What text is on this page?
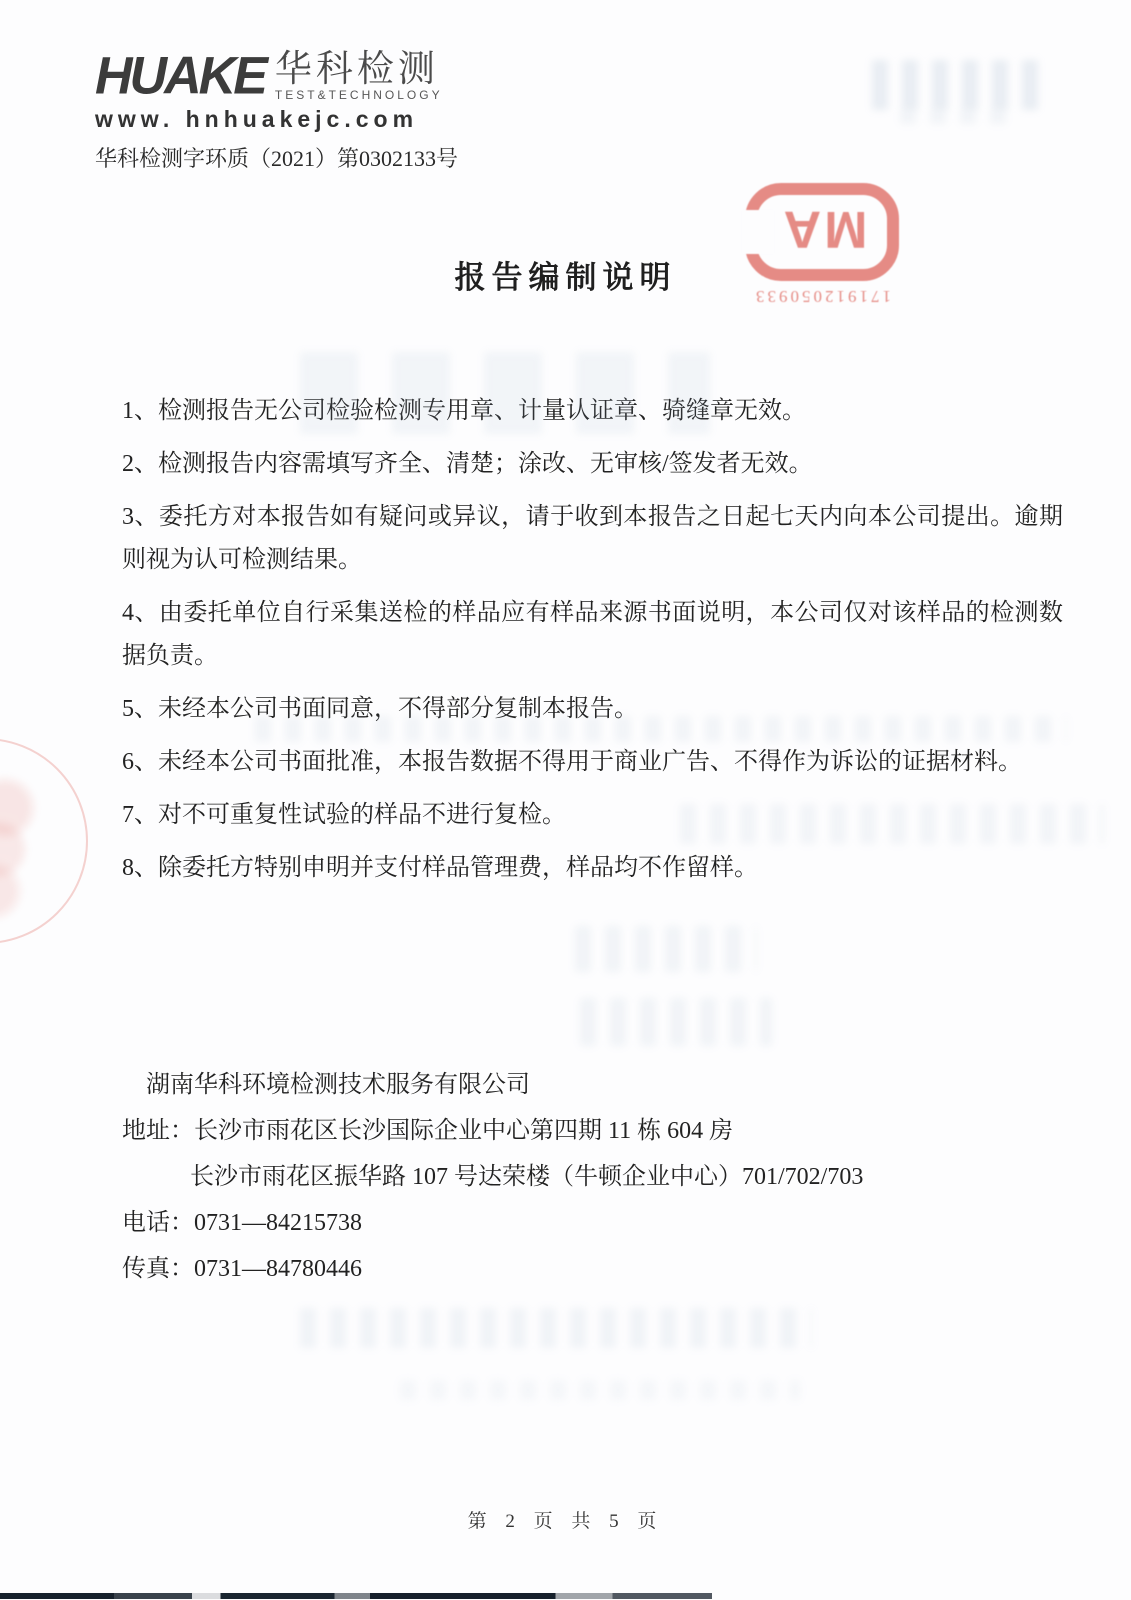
HUAKE 华科检测
TEST&TECHNOLOGY
www. hnhuakejc.com
华科检测字环质（2021）第0302133号
报告编制说明
171912050933
MA

1、检测报告无公司检验检测专用章、计量认证章、骑缝章无效。

2、检测报告内容需填写齐全、清楚；涂改、无审核/签发者无效。

3、委托方对本报告如有疑问或异议，请于收到本报告之日起七天内向本公司提出。逾期则视为认可检测结果。

4、由委托单位自行采集送检的样品应有样品来源书面说明，本公司仅对该样品的检测数据负责。

5、未经本公司书面同意，不得部分复制本报告。

6、未经本公司书面批准，本报告数据不得用于商业广告、不得作为诉讼的证据材料。

7、对不可重复性试验的样品不进行复检。

8、除委托方特别申明并支付样品管理费，样品均不作留样。

湖南华科环境检测技术服务有限公司

地址：长沙市雨花区长沙国际企业中心第四期 11 栋 604 房

长沙市雨花区振华路 107 号达荣楼（牛顿企业中心）701/702/703

电话：0731—84215738

传真：0731—84780446

第 2 页 共 5 页
